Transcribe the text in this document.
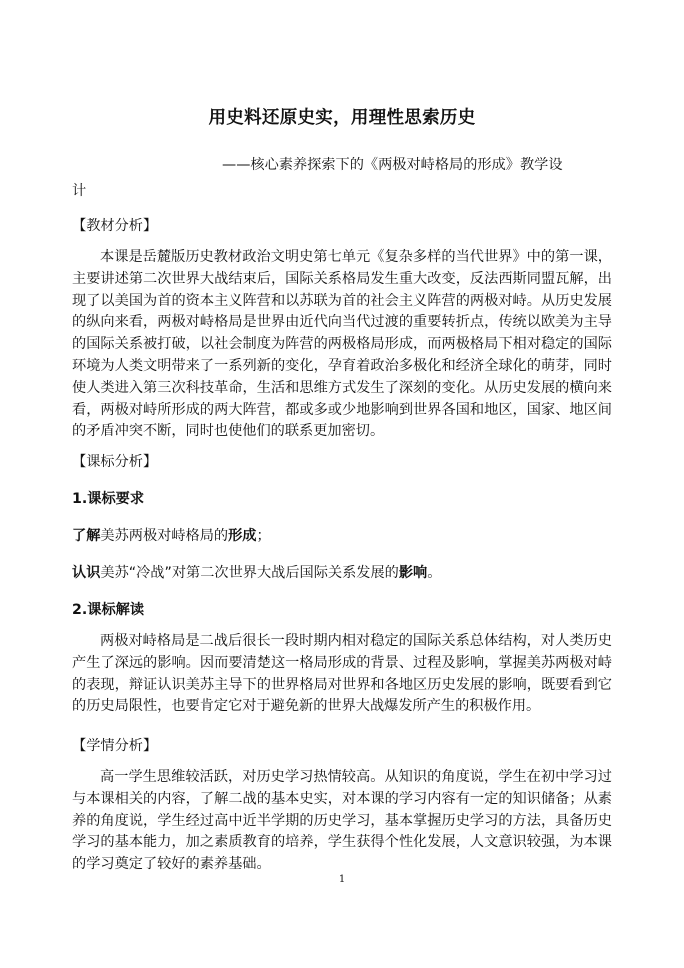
用史料还原史实，用理性思索历史
——核心素养探索下的《两极对峙格局的形成》教学设
计
【教材分析】
本课是岳麓版历史教材政治文明史第七单元《复杂多样的当代世界》中的第一课，主要讲述第二次世界大战结束后，国际关系格局发生重大改变，反法西斯同盟瓦解，出现了以美国为首的资本主义阵营和以苏联为首的社会主义阵营的两极对峙。从历史发展的纵向来看，两极对峙格局是世界由近代向当代过渡的重要转折点，传统以欧美为主导的国际关系被打破，以社会制度为阵营的两极格局形成，而两极格局下相对稳定的国际环境为人类文明带来了一系列新的变化，孕育着政治多极化和经济全球化的萌芽，同时使人类进入第三次科技革命，生活和思维方式发生了深刻的变化。从历史发展的横向来看，两极对峙所形成的两大阵营，都或多或少地影响到世界各国和地区，国家、地区间的矛盾冲突不断，同时也使他们的联系更加密切。
【课标分析】
1.课标要求
了解美苏两极对峙格局的形成；
认识美苏“冷战”对第二次世界大战后国际关系发展的影响。
2.课标解读
两极对峙格局是二战后很长一段时期内相对稳定的国际关系总体结构，对人类历史产生了深远的影响。因而要清楚这一格局形成的背景、过程及影响，掌握美苏两极对峙的表现，辩证认识美苏主导下的世界格局对世界和各地区历史发展的影响，既要看到它的历史局限性，也要肯定它对于避免新的世界大战爆发所产生的积极作用。
【学情分析】
高一学生思维较活跃，对历史学习热情较高。从知识的角度说，学生在初中学习过与本课相关的内容，了解二战的基本史实，对本课的学习内容有一定的知识储备；从素养的角度说，学生经过高中近半学期的历史学习，基本掌握历史学习的方法，具备历史学习的基本能力，加之素质教育的培养，学生获得个性化发展，人文意识较强，为本课的学习奠定了较好的素养基础。
1
